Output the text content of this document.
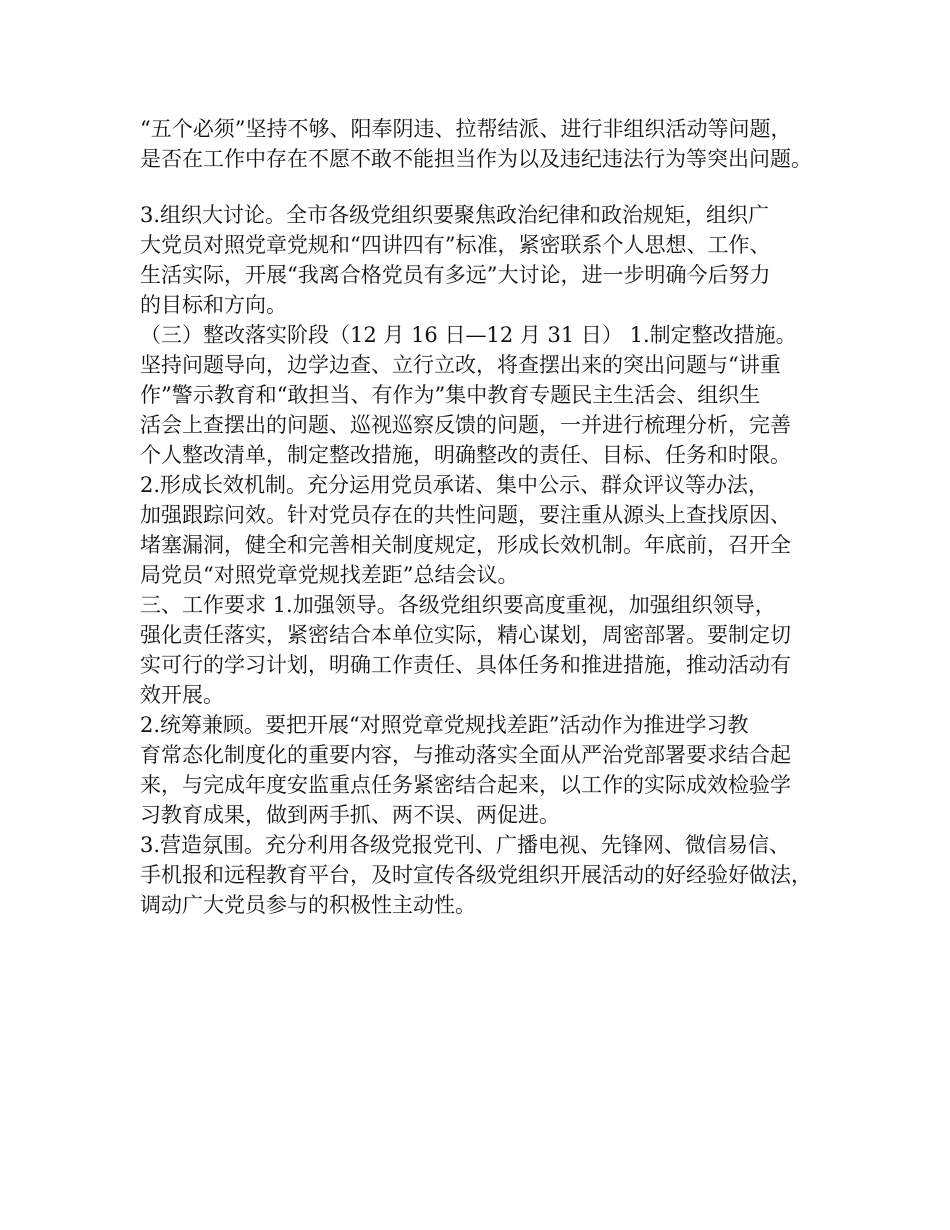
“五个必须”坚持不够、阳奉阴违、拉帮结派、进行非组织活动等问题，
是否在工作中存在不愿不敢不能担当作为以及违纪违法行为等突出问题。
3.组织大讨论。全市各级党组织要聚焦政治纪律和政治规矩，组织广
大党员对照党章党规和“四讲四有”标准，紧密联系个人思想、工作、
生活实际，开展“我离合格党员有多远”大讨论，进一步明确今后努力
的目标和方向。
（三）整改落实阶段（12 月 16 日—12 月 31 日） 1.制定整改措施。
坚持问题导向，边学边查、立行立改，将查摆出来的突出问题与“讲重
作”警示教育和“敢担当、有作为”集中教育专题民主生活会、组织生
活会上查摆出的问题、巡视巡察反馈的问题，一并进行梳理分析，完善
个人整改清单，制定整改措施，明确整改的责任、目标、任务和时限。
2.形成长效机制。充分运用党员承诺、集中公示、群众评议等办法，
加强跟踪问效。针对党员存在的共性问题，要注重从源头上查找原因、
堵塞漏洞，健全和完善相关制度规定，形成长效机制。年底前，召开全
局党员“对照党章党规找差距”总结会议。
三、工作要求 1.加强领导。各级党组织要高度重视，加强组织领导，
强化责任落实，紧密结合本单位实际，精心谋划，周密部署。要制定切
实可行的学习计划，明确工作责任、具体任务和推进措施，推动活动有
效开展。
2.统筹兼顾。要把开展“对照党章党规找差距”活动作为推进学习教
育常态化制度化的重要内容，与推动落实全面从严治党部署要求结合起
来，与完成年度安监重点任务紧密结合起来，以工作的实际成效检验学
习教育成果，做到两手抓、两不误、两促进。
3.营造氛围。充分利用各级党报党刊、广播电视、先锋网、微信易信、
手机报和远程教育平台，及时宣传各级党组织开展活动的好经验好做法，
调动广大党员参与的积极性主动性。
